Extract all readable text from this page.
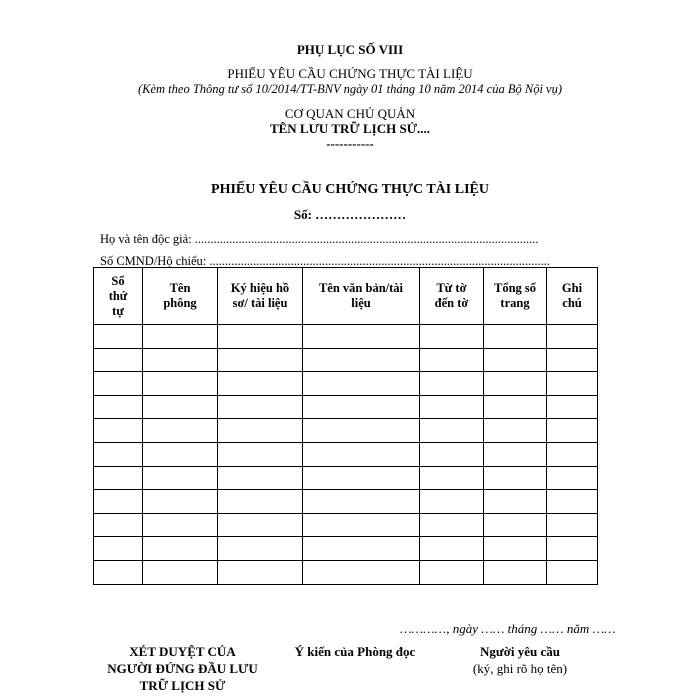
PHỤ LỤC SỐ VIII
PHIẾU YÊU CẦU CHỨNG THỰC TÀI LIỆU
(Kèm theo Thông tư số 10/2014/TT-BNV ngày 01 tháng 10 năm 2014 của Bộ Nội vụ)
CƠ QUAN CHỦ QUẢN
TÊN LƯU TRỮ LỊCH SỬ....
-----------
PHIẾU YÊU CẦU CHỨNG THỰC TÀI LIỆU
Số: …………………
Họ và tên độc giả: ..............................................................................................................
Số CMND/Hộ chiếu: .............................................................................................................
Số thứ tự	Tên phông	Ký hiệu hồ sơ/ tài liệu	Tên văn bản/tài liệu	Từ tờ đến tờ	Tổng số trang	Ghi chú

…………, ngày …… tháng …… năm ……
XÉT DUYỆT CỦA
NGƯỜI ĐỨNG ĐẦU LƯU
TRỮ LỊCH SỬ
Ý kiến của Phòng đọc	Người yêu cầu
(ký, ghi rõ họ tên)
